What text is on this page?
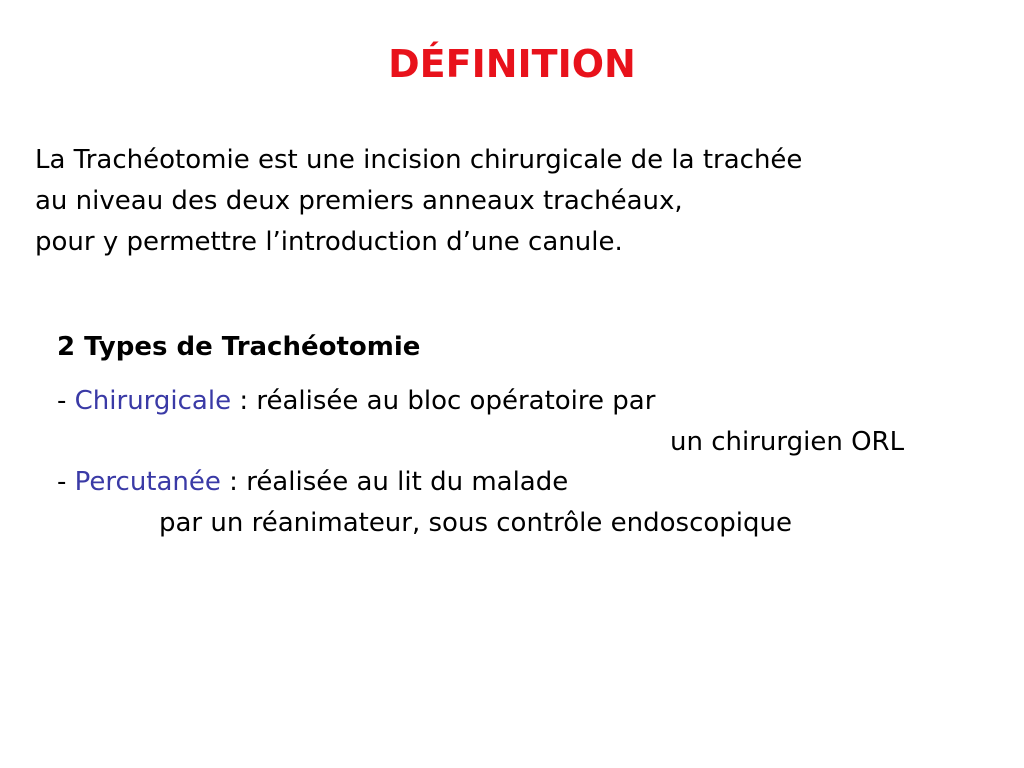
DÉFINITION
La Trachéotomie est une incision chirurgicale de la trachée
au niveau des deux premiers anneaux trachéaux,
pour y permettre l’introduction d’une canule.
2 Types de Trachéotomie
- Chirurgicale : réalisée au bloc opératoire par
un chirurgien ORL
- Percutanée : réalisée au lit du malade
par un réanimateur, sous contrôle endoscopique
